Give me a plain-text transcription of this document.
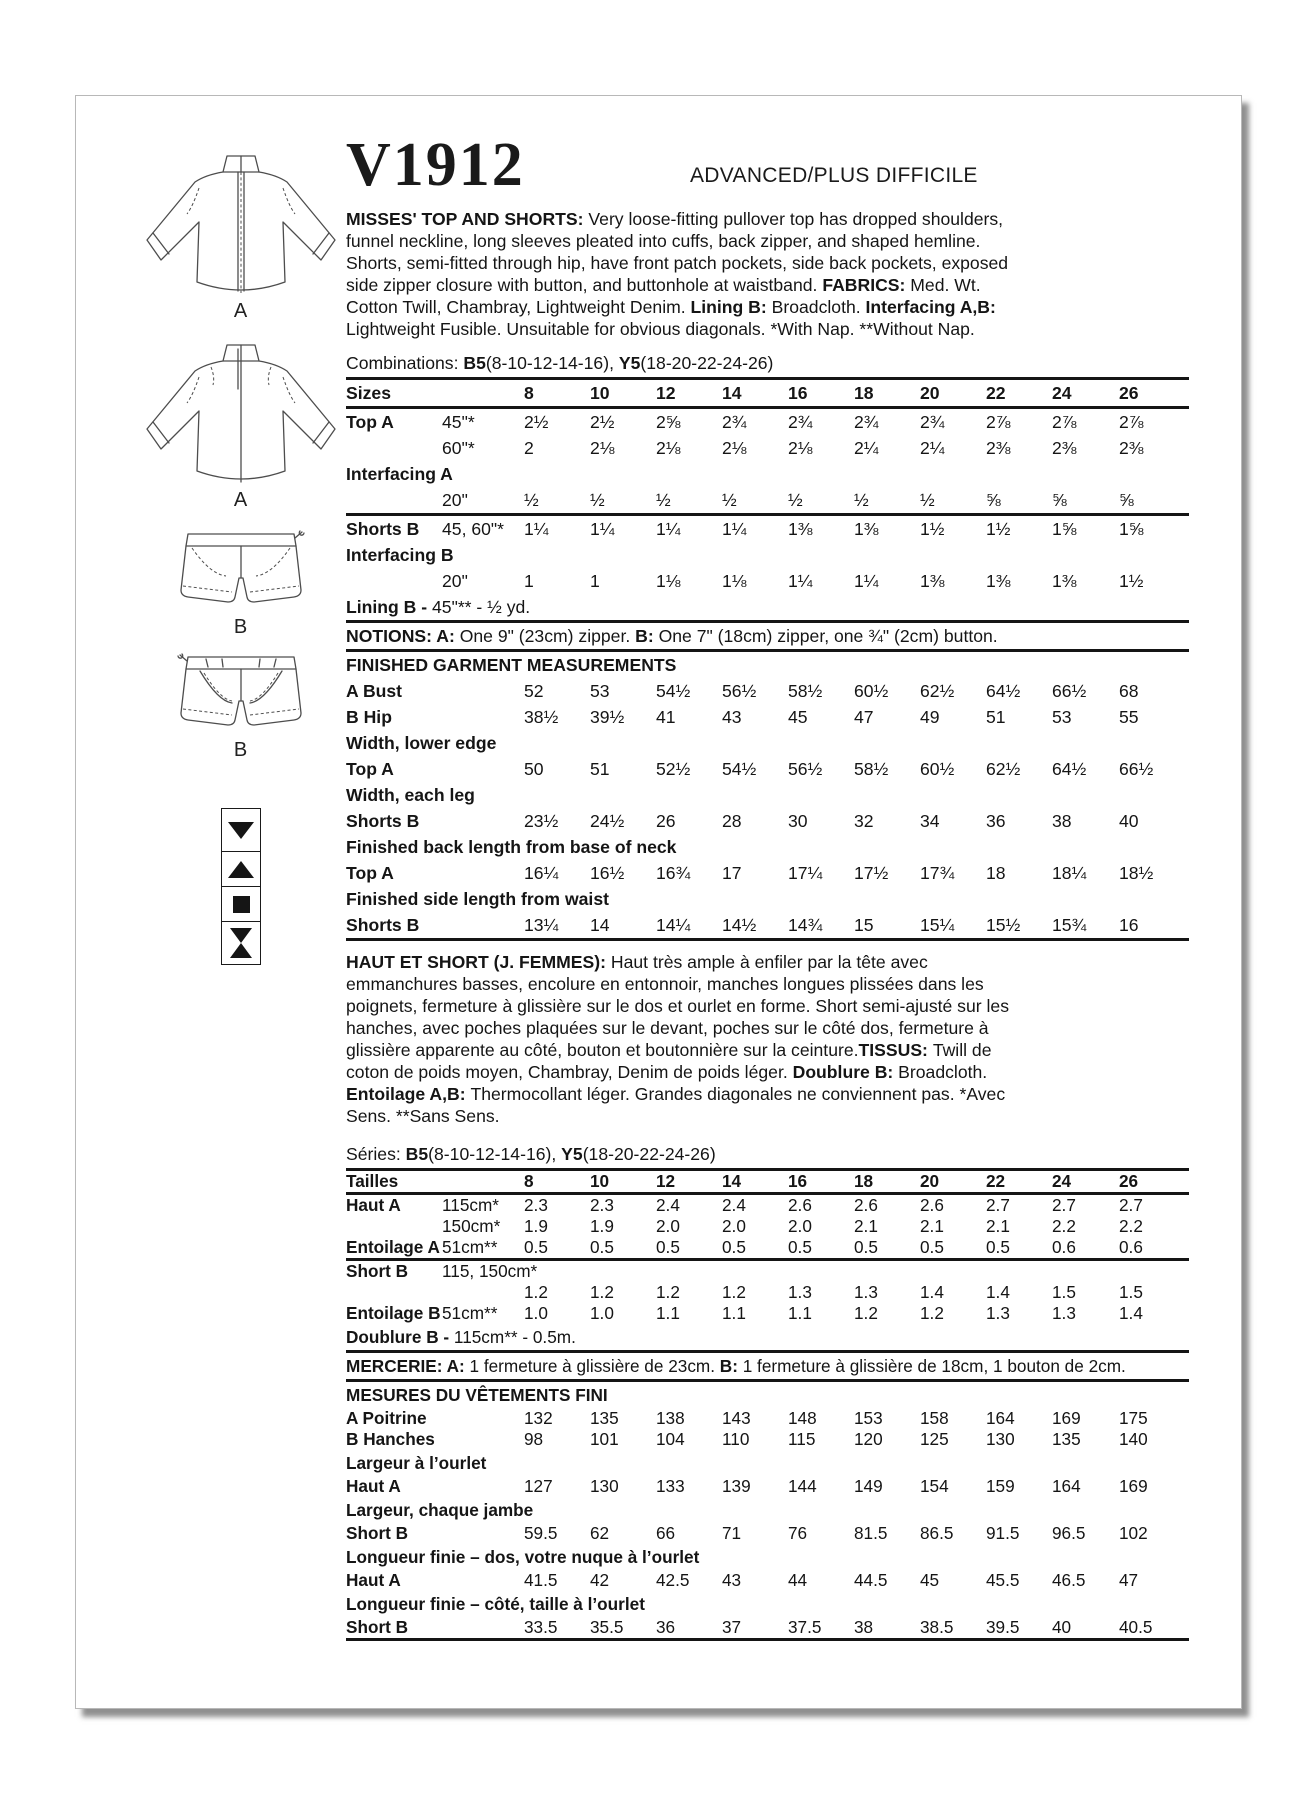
A
A
B
B
V1912	ADVANCED/PLUS DIFFICILE

MISSES' TOP AND SHORTS: Very loose-fitting pullover top has dropped shoulders, funnel neckline, long sleeves pleated into cuffs, back zipper, and shaped hemline. Shorts, semi-fitted through hip, have front patch pockets, side back pockets, exposed side zipper closure with button, and buttonhole at waistband. FABRICS: Med. Wt. Cotton Twill, Chambray, Lightweight Denim. Lining B: Broadcloth. Interfacing A,B: Lightweight Fusible. Unsuitable for obvious diagonals. *With Nap. **Without Nap.

Combinations: B5(8-10-12-14-16), Y5(18-20-22-24-26)

Sizes		8	10	12	14	16	18	20	22	24	26
Top A	45"*	2½	2½	2⅝	2¾	2¾	2¾	2¾	2⅞	2⅞	2⅞
	60"*	2	2⅛	2⅛	2⅛	2⅛	2¼	2¼	2⅜	2⅜	2⅜
Interfacing A											
	20"	½	½	½	½	½	½	½	⅝	⅝	⅝
Shorts B	45, 60"*	1¼	1¼	1¼	1¼	1⅜	1⅜	1½	1½	1⅝	1⅝
Interfacing B											
	20"	1	1	1⅛	1⅛	1¼	1¼	1⅜	1⅜	1⅜	1½
Lining B - 45"** - ½ yd.											
NOTIONS: A: One 9" (23cm) zipper. B: One 7" (18cm) zipper, one ¾" (2cm) button.											
FINISHED GARMENT MEASUREMENTS											
A Bust		52	53	54½	56½	58½	60½	62½	64½	66½	68
B Hip		38½	39½	41	43	45	47	49	51	53	55
Width, lower edge											
Top A		50	51	52½	54½	56½	58½	60½	62½	64½	66½
Width, each leg											
Shorts B		23½	24½	26	28	30	32	34	36	38	40
Finished back length from base of neck											
Top A		16¼	16½	16¾	17	17¼	17½	17¾	18	18¼	18½
Finished side length from waist											
Shorts B		13¼	14	14¼	14½	14¾	15	15¼	15½	15¾	16

HAUT ET SHORT (J. FEMMES): Haut très ample à enfiler par la tête avec emmanchures basses, encolure en entonnoir, manches longues plissées dans les poignets, fermeture à glissière sur le dos et ourlet en forme. Short semi-ajusté sur les hanches, avec poches plaquées sur le devant, poches sur le côté dos, fermeture à glissière apparente au côté, bouton et boutonnière sur la ceinture.TISSUS: Twill de coton de poids moyen, Chambray, Denim de poids léger. Doublure B: Broadcloth. Entoilage A,B: Thermocollant léger. Grandes diagonales ne conviennent pas. *Avec Sens. **Sans Sens.

Séries: B5(8-10-12-14-16), Y5(18-20-22-24-26)

Tailles		8	10	12	14	16	18	20	22	24	26
Haut A	115cm*	2.3	2.3	2.4	2.4	2.6	2.6	2.6	2.7	2.7	2.7
	150cm*	1.9	1.9	2.0	2.0	2.0	2.1	2.1	2.1	2.2	2.2
Entoilage A	51cm**	0.5	0.5	0.5	0.5	0.5	0.5	0.5	0.5	0.6	0.6
Short B	115, 150cm*										
		1.2	1.2	1.2	1.2	1.3	1.3	1.4	1.4	1.5	1.5
Entoilage B	51cm**	1.0	1.0	1.1	1.1	1.1	1.2	1.2	1.3	1.3	1.4
Doublure B - 115cm** - 0.5m.											
MERCERIE: A: 1 fermeture à glissière de 23cm. B: 1 fermeture à glissière de 18cm, 1 bouton de 2cm.											
MESURES DU VÊTEMENTS FINI											
A Poitrine		132	135	138	143	148	153	158	164	169	175
B Hanches		98	101	104	110	115	120	125	130	135	140
Largeur à l’ourlet											
Haut A		127	130	133	139	144	149	154	159	164	169
Largeur, chaque jambe											
Short B		59.5	62	66	71	76	81.5	86.5	91.5	96.5	102
Longueur finie – dos, votre nuque à l’ourlet											
Haut A		41.5	42	42.5	43	44	44.5	45	45.5	46.5	47
Longueur finie – côté, taille à l’ourlet											
Short B		33.5	35.5	36	37	37.5	38	38.5	39.5	40	40.5
